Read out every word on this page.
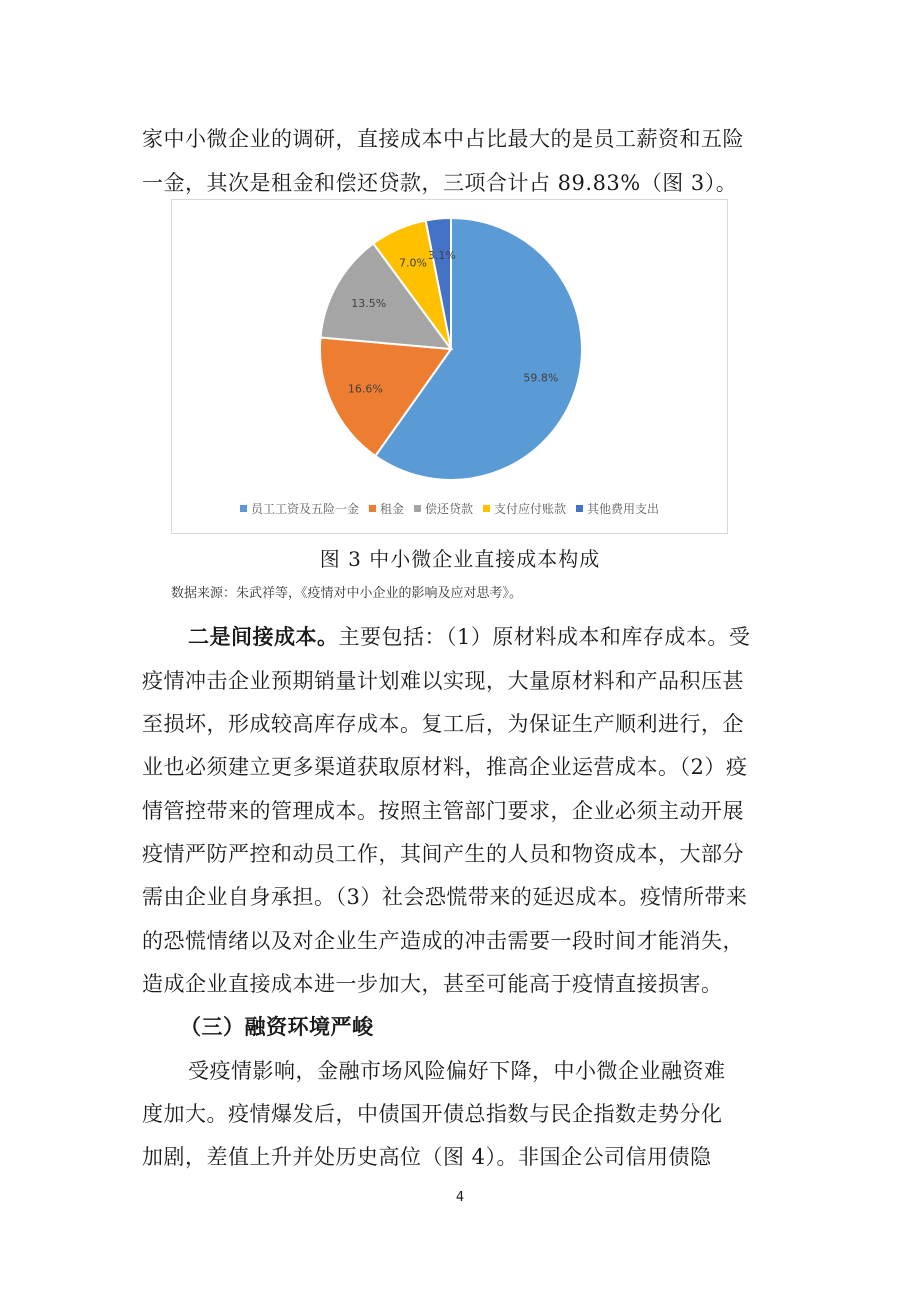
家中小微企业的调研，直接成本中占比最大的是员工薪资和五险
一金，其次是租金和偿还贷款，三项合计占 89.83%（图 3）。
59.8%
16.6%
13.5%
7.0%
3.1%
员工工资及五险一金 租金 偿还贷款 支付应付账款 其他费用支出
图 3 中小微企业直接成本构成
数据来源：朱武祥等，《疫情对中小企业的影响及应对思考》。
二是间接成本。主要包括：（1）原材料成本和库存成本。受
疫情冲击企业预期销量计划难以实现，大量原材料和产品积压甚
至损坏，形成较高库存成本。复工后，为保证生产顺利进行，企
业也必须建立更多渠道获取原材料，推高企业运营成本。（2）疫
情管控带来的管理成本。按照主管部门要求，企业必须主动开展
疫情严防严控和动员工作，其间产生的人员和物资成本，大部分
需由企业自身承担。（3）社会恐慌带来的延迟成本。疫情所带来
的恐慌情绪以及对企业生产造成的冲击需要一段时间才能消失，
造成企业直接成本进一步加大，甚至可能高于疫情直接损害。
（三）融资环境严峻
受疫情影响，金融市场风险偏好下降，中小微企业融资难
度加大。疫情爆发后，中债国开债总指数与民企指数走势分化
加剧，差值上升并处历史高位（图 4）。非国企公司信用债隐
4
